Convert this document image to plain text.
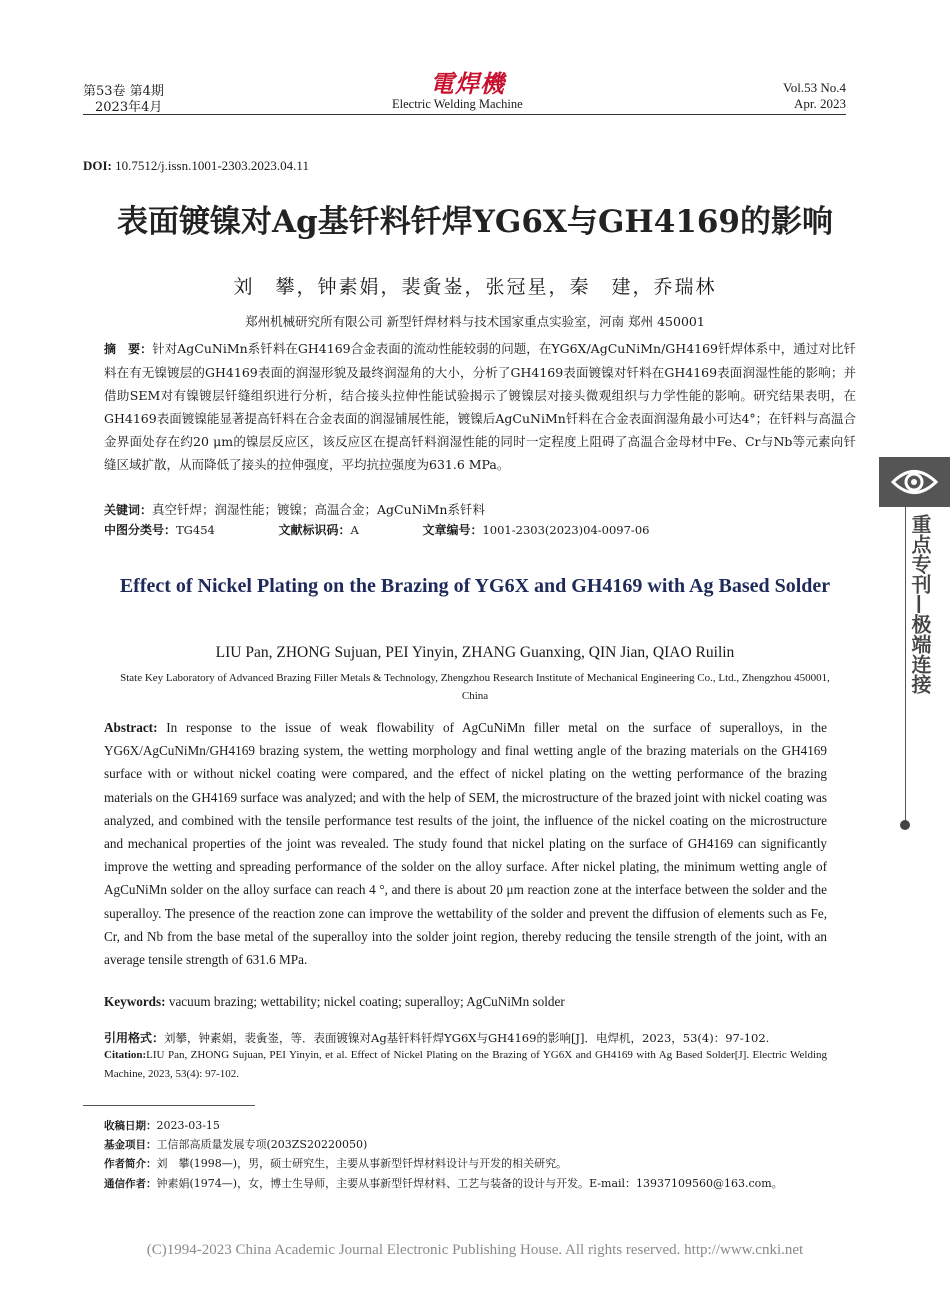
第53卷 第4期
2023年4月
電焊機
Electric Welding Machine
Vol.53 No.4
Apr. 2023
DOI: 10.7512/j.issn.1001-2303.2023.04.11
表面镀镍对Ag基钎料钎焊YG6X与GH4169的影响
刘　攀，钟素娟，裴夤崟，张冠星，秦　建，乔瑞林
郑州机械研究所有限公司 新型钎焊材料与技术国家重点实验室，河南 郑州 450001
摘　要：针对AgCuNiMn系钎料在GH4169合金表面的流动性能较弱的问题，在YG6X/AgCuNiMn/GH4169钎焊体系中，通过对比钎料在有无镍镀层的GH4169表面的润湿形貌及最终润湿角的大小，分析了GH4169表面镀镍对钎料在GH4169表面润湿性能的影响；并借助SEM对有镍镀层钎缝组织进行分析，结合接头拉伸性能试验揭示了镀镍层对接头微观组织与力学性能的影响。研究结果表明，在GH4169表面镀镍能显著提高钎料在合金表面的润湿铺展性能，镀镍后AgCuNiMn钎料在合金表面润湿角最小可达4°；在钎料与高温合金界面处存在约20 μm的镍层反应区，该反应区在提高钎料润湿性能的同时一定程度上阻碍了高温合金母材中Fe、Cr与Nb等元素向钎缝区域扩散，从而降低了接头的拉伸强度，平均抗拉强度为631.6 MPa。
关键词：真空钎焊；润湿性能；镀镍；高温合金；AgCuNiMn系钎料
中图分类号：TG454	文献标识码：A	文章编号：1001-2303(2023)04-0097-06
Effect of Nickel Plating on the Brazing of YG6X and GH4169 with Ag Based Solder
LIU Pan, ZHONG Sujuan, PEI Yinyin, ZHANG Guanxing, QIN Jian, QIAO Ruilin
State Key Laboratory of Advanced Brazing Filler Metals & Technology, Zhengzhou Research Institute of Mechanical Engineering Co., Ltd., Zhengzhou 450001, China
Abstract: In response to the issue of weak flowability of AgCuNiMn filler metal on the surface of superalloys, in the YG6X/AgCuNiMn/GH4169 brazing system, the wetting morphology and final wetting angle of the brazing materials on the GH4169 surface with or without nickel coating were compared, and the effect of nickel plating on the wetting performance of the brazing materials on the GH4169 surface was analyzed; and with the help of SEM, the microstructure of the brazed joint with nickel coating was analyzed, and combined with the tensile performance test results of the joint, the influence of the nickel coating on the microstructure and mechanical properties of the joint was revealed. The study found that nickel plating on the surface of GH4169 can significantly improve the wetting and spreading performance of the solder on the alloy surface. After nickel plating, the minimum wetting angle of AgCuNiMn solder on the alloy surface can reach 4 °, and there is about 20 μm reaction zone at the interface between the solder and the superalloy. The presence of the reaction zone can improve the wettability of the solder and prevent the diffusion of elements such as Fe, Cr, and Nb from the base metal of the superalloy into the solder joint region, thereby reducing the tensile strength of the joint, with an average tensile strength of 631.6 MPa.
Keywords: vacuum brazing; wettability; nickel coating; superalloy; AgCuNiMn solder
引用格式：刘攀，钟素娟，裴夤崟，等．表面镀镍对Ag基钎料钎焊YG6X与GH4169的影响[J]．电焊机，2023，53(4)：97-102.
Citation:LIU Pan, ZHONG Sujuan, PEI Yinyin, et al. Effect of Nickel Plating on the Brazing of YG6X and GH4169 with Ag Based Solder[J]. Electric Welding Machine, 2023, 53(4): 97-102.
收稿日期：2023-03-15
基金项目：工信部高质量发展专项(203ZS20220050)
作者简介：刘　攀(1998—)，男，硕士研究生，主要从事新型钎焊材料设计与开发的相关研究。
通信作者：钟素娟(1974—)，女，博士生导师，主要从事新型钎焊材料、工艺与装备的设计与开发。E-mail：13937109560@163.com。
(C)1994-2023 China Academic Journal Electronic Publishing House. All rights reserved. http://www.cnki.net
重点专刊—极端连接
